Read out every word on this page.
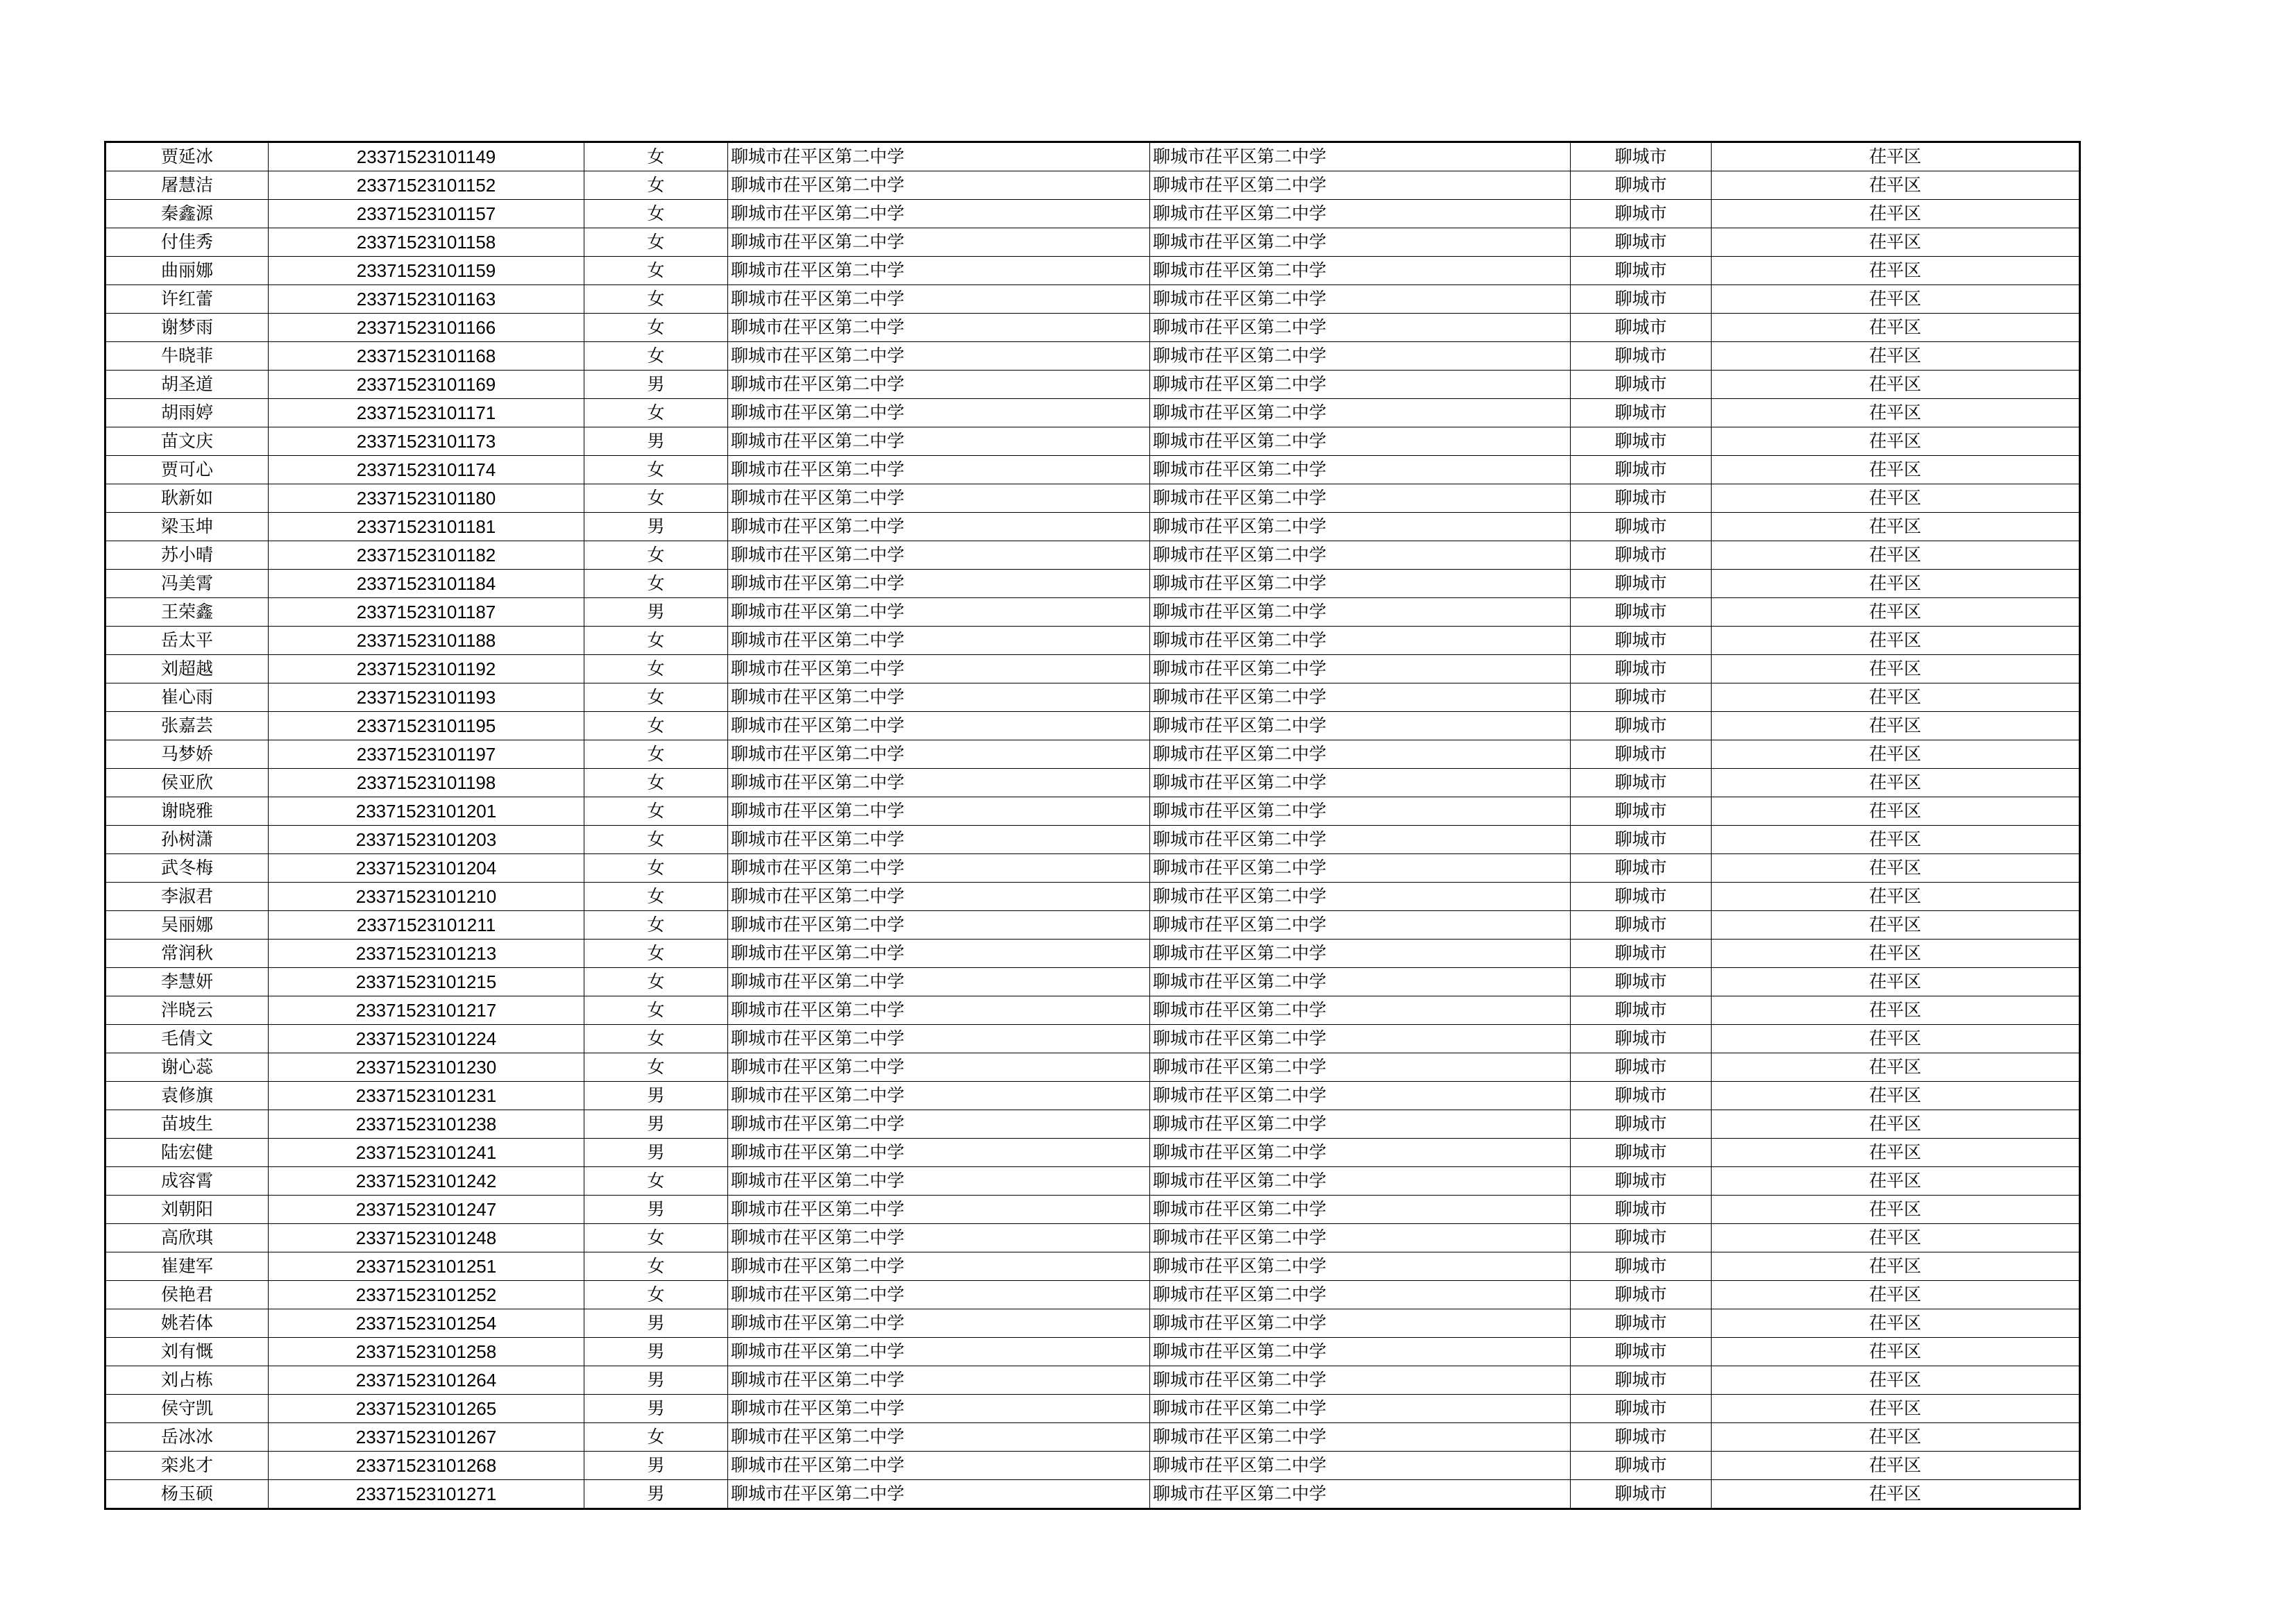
贾延冰	23371523101149	女	聊城市茌平区第二中学	聊城市茌平区第二中学	聊城市	茌平区
屠慧洁	23371523101152	女	聊城市茌平区第二中学	聊城市茌平区第二中学	聊城市	茌平区
秦鑫源	23371523101157	女	聊城市茌平区第二中学	聊城市茌平区第二中学	聊城市	茌平区
付佳秀	23371523101158	女	聊城市茌平区第二中学	聊城市茌平区第二中学	聊城市	茌平区
曲丽娜	23371523101159	女	聊城市茌平区第二中学	聊城市茌平区第二中学	聊城市	茌平区
许红蕾	23371523101163	女	聊城市茌平区第二中学	聊城市茌平区第二中学	聊城市	茌平区
谢梦雨	23371523101166	女	聊城市茌平区第二中学	聊城市茌平区第二中学	聊城市	茌平区
牛晓菲	23371523101168	女	聊城市茌平区第二中学	聊城市茌平区第二中学	聊城市	茌平区
胡圣道	23371523101169	男	聊城市茌平区第二中学	聊城市茌平区第二中学	聊城市	茌平区
胡雨婷	23371523101171	女	聊城市茌平区第二中学	聊城市茌平区第二中学	聊城市	茌平区
苗文庆	23371523101173	男	聊城市茌平区第二中学	聊城市茌平区第二中学	聊城市	茌平区
贾可心	23371523101174	女	聊城市茌平区第二中学	聊城市茌平区第二中学	聊城市	茌平区
耿新如	23371523101180	女	聊城市茌平区第二中学	聊城市茌平区第二中学	聊城市	茌平区
梁玉坤	23371523101181	男	聊城市茌平区第二中学	聊城市茌平区第二中学	聊城市	茌平区
苏小晴	23371523101182	女	聊城市茌平区第二中学	聊城市茌平区第二中学	聊城市	茌平区
冯美霄	23371523101184	女	聊城市茌平区第二中学	聊城市茌平区第二中学	聊城市	茌平区
王荣鑫	23371523101187	男	聊城市茌平区第二中学	聊城市茌平区第二中学	聊城市	茌平区
岳太平	23371523101188	女	聊城市茌平区第二中学	聊城市茌平区第二中学	聊城市	茌平区
刘超越	23371523101192	女	聊城市茌平区第二中学	聊城市茌平区第二中学	聊城市	茌平区
崔心雨	23371523101193	女	聊城市茌平区第二中学	聊城市茌平区第二中学	聊城市	茌平区
张嘉芸	23371523101195	女	聊城市茌平区第二中学	聊城市茌平区第二中学	聊城市	茌平区
马梦娇	23371523101197	女	聊城市茌平区第二中学	聊城市茌平区第二中学	聊城市	茌平区
侯亚欣	23371523101198	女	聊城市茌平区第二中学	聊城市茌平区第二中学	聊城市	茌平区
谢晓雅	23371523101201	女	聊城市茌平区第二中学	聊城市茌平区第二中学	聊城市	茌平区
孙树潇	23371523101203	女	聊城市茌平区第二中学	聊城市茌平区第二中学	聊城市	茌平区
武冬梅	23371523101204	女	聊城市茌平区第二中学	聊城市茌平区第二中学	聊城市	茌平区
李淑君	23371523101210	女	聊城市茌平区第二中学	聊城市茌平区第二中学	聊城市	茌平区
吴丽娜	23371523101211	女	聊城市茌平区第二中学	聊城市茌平区第二中学	聊城市	茌平区
常润秋	23371523101213	女	聊城市茌平区第二中学	聊城市茌平区第二中学	聊城市	茌平区
李慧妍	23371523101215	女	聊城市茌平区第二中学	聊城市茌平区第二中学	聊城市	茌平区
泮晓云	23371523101217	女	聊城市茌平区第二中学	聊城市茌平区第二中学	聊城市	茌平区
毛倩文	23371523101224	女	聊城市茌平区第二中学	聊城市茌平区第二中学	聊城市	茌平区
谢心蕊	23371523101230	女	聊城市茌平区第二中学	聊城市茌平区第二中学	聊城市	茌平区
袁修旗	23371523101231	男	聊城市茌平区第二中学	聊城市茌平区第二中学	聊城市	茌平区
苗坡生	23371523101238	男	聊城市茌平区第二中学	聊城市茌平区第二中学	聊城市	茌平区
陆宏健	23371523101241	男	聊城市茌平区第二中学	聊城市茌平区第二中学	聊城市	茌平区
成容霄	23371523101242	女	聊城市茌平区第二中学	聊城市茌平区第二中学	聊城市	茌平区
刘朝阳	23371523101247	男	聊城市茌平区第二中学	聊城市茌平区第二中学	聊城市	茌平区
高欣琪	23371523101248	女	聊城市茌平区第二中学	聊城市茌平区第二中学	聊城市	茌平区
崔建军	23371523101251	女	聊城市茌平区第二中学	聊城市茌平区第二中学	聊城市	茌平区
侯艳君	23371523101252	女	聊城市茌平区第二中学	聊城市茌平区第二中学	聊城市	茌平区
姚若体	23371523101254	男	聊城市茌平区第二中学	聊城市茌平区第二中学	聊城市	茌平区
刘有慨	23371523101258	男	聊城市茌平区第二中学	聊城市茌平区第二中学	聊城市	茌平区
刘占栋	23371523101264	男	聊城市茌平区第二中学	聊城市茌平区第二中学	聊城市	茌平区
侯守凯	23371523101265	男	聊城市茌平区第二中学	聊城市茌平区第二中学	聊城市	茌平区
岳冰冰	23371523101267	女	聊城市茌平区第二中学	聊城市茌平区第二中学	聊城市	茌平区
栾兆才	23371523101268	男	聊城市茌平区第二中学	聊城市茌平区第二中学	聊城市	茌平区
杨玉硕	23371523101271	男	聊城市茌平区第二中学	聊城市茌平区第二中学	聊城市	茌平区
